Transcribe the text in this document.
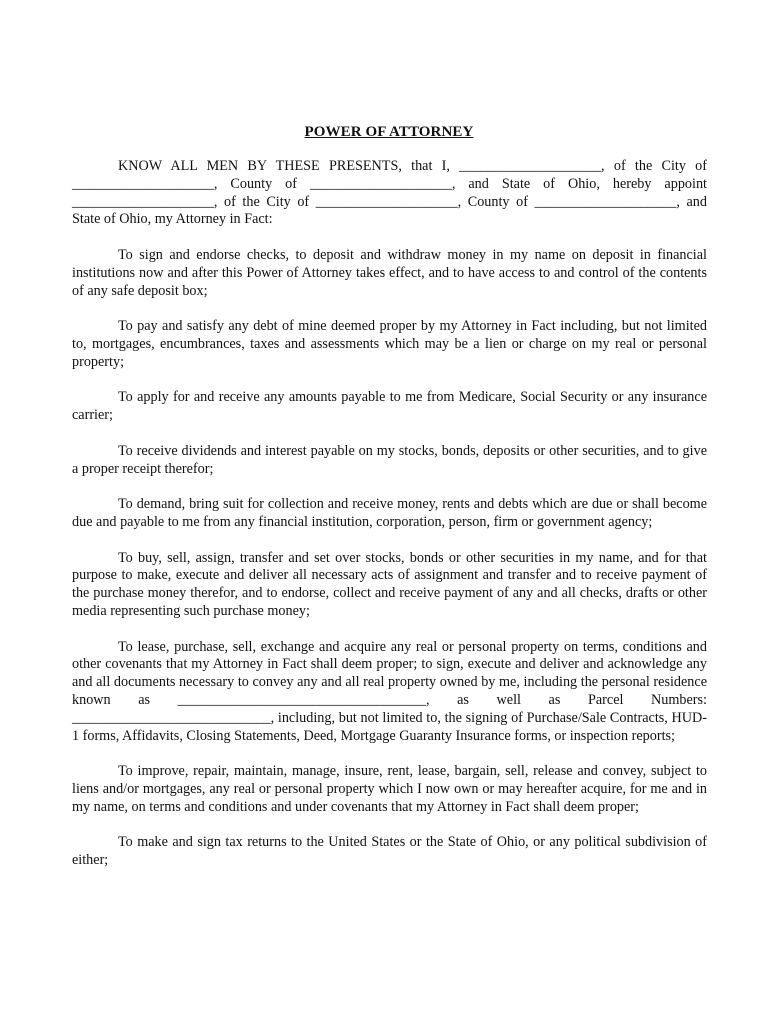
POWER OF ATTORNEY

KNOW ALL MEN BY THESE PRESENTS, that I, ____________________, of the City of ____________________, County of ____________________, and State of Ohio, hereby appoint ____________________, of the City of ____________________, County of ____________________, and State of Ohio, my Attorney in Fact:

To sign and endorse checks, to deposit and withdraw money in my name on deposit in financial institutions now and after this Power of Attorney takes effect, and to have access to and control of the contents of any safe deposit box;

To pay and satisfy any debt of mine deemed proper by my Attorney in Fact including, but not limited to, mortgages, encumbrances, taxes and assessments which may be a lien or charge on my real or personal property;

To apply for and receive any amounts payable to me from Medicare, Social Security or any insurance carrier;

To receive dividends and interest payable on my stocks, bonds, deposits or other securities, and to give a proper receipt therefor;

To demand, bring suit for collection and receive money, rents and debts which are due or shall become due and payable to me from any financial institution, corporation, person, firm or government agency;

To buy, sell, assign, transfer and set over stocks, bonds or other securities in my name, and for that purpose to make, execute and deliver all necessary acts of assignment and transfer and to receive payment of the purchase money therefor, and to endorse, collect and receive payment of any and all checks, drafts or other media representing such purchase money;

To lease, purchase, sell, exchange and acquire any real or personal property on terms, conditions and other covenants that my Attorney in Fact shall deem proper; to sign, execute and deliver and acknowledge any and all documents necessary to convey any and all real property owned by me, including the personal residence known as ___________________________________, as well as Parcel Numbers: ____________________________, including, but not limited to, the signing of Purchase/Sale Contracts, HUD-1 forms, Affidavits, Closing Statements, Deed, Mortgage Guaranty Insurance forms, or inspection reports;

To improve, repair, maintain, manage, insure, rent, lease, bargain, sell, release and convey, subject to liens and/or mortgages, any real or personal property which I now own or may hereafter acquire, for me and in my name, on terms and conditions and under covenants that my Attorney in Fact shall deem proper;

To make and sign tax returns to the United States or the State of Ohio, or any political subdivision of either;
